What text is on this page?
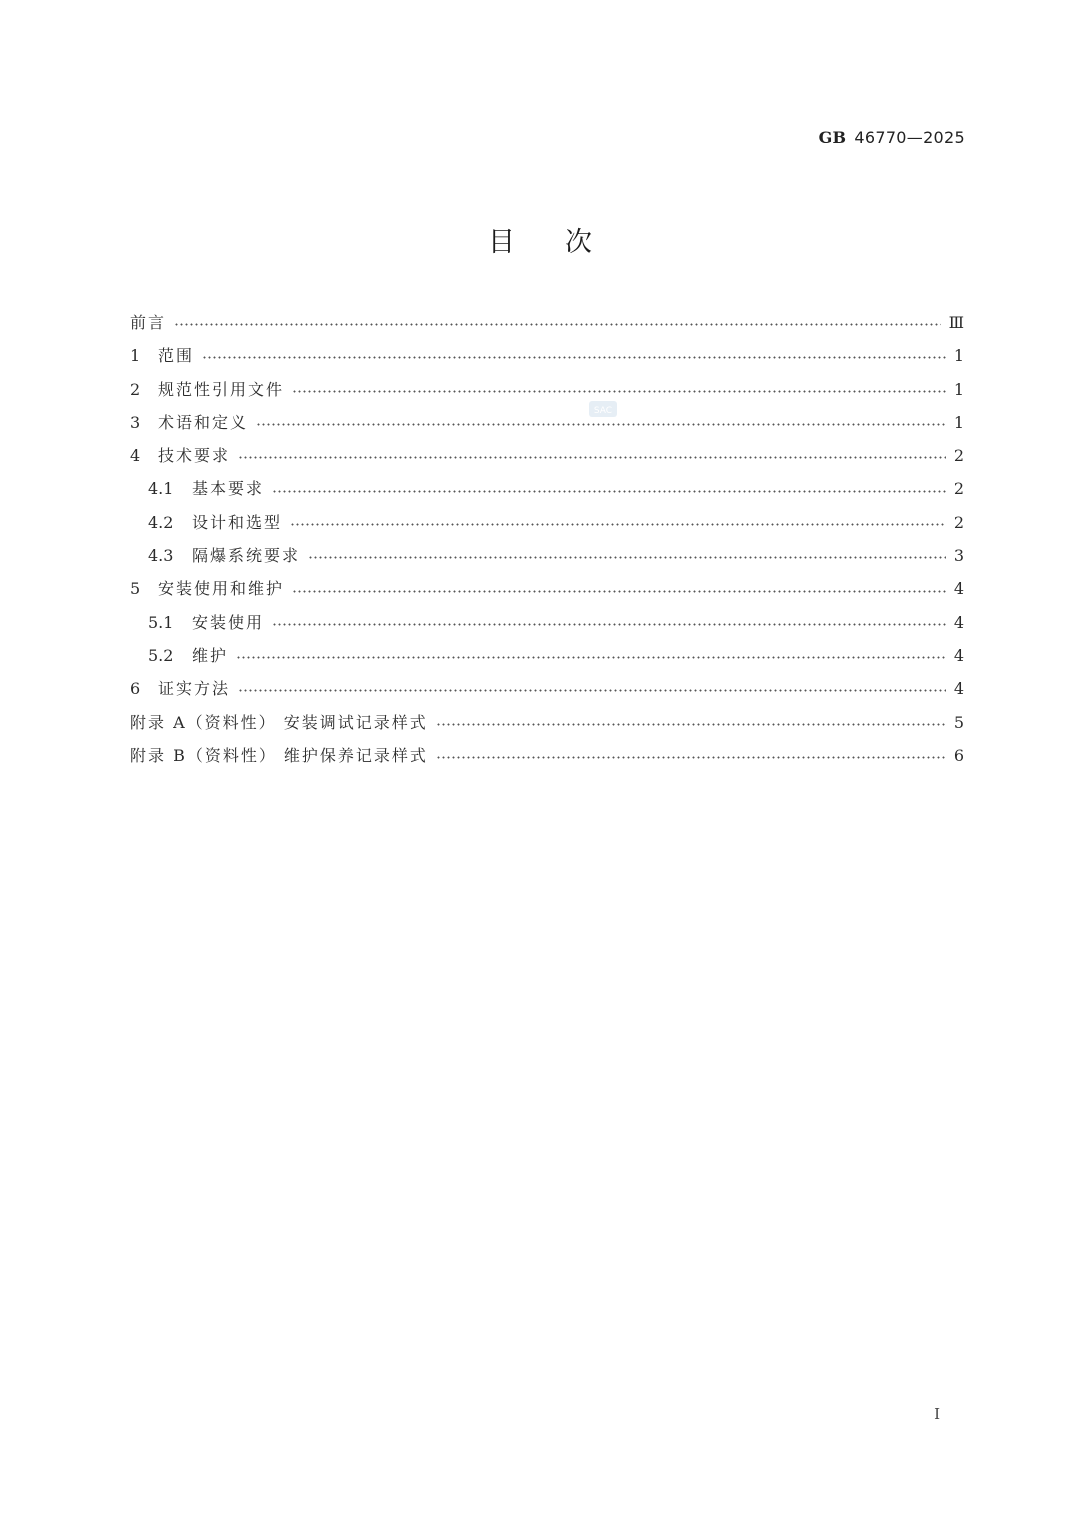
GB 46770—2025
目 次
SAC
前言	Ⅲ
1	范围	1
2	规范性引用文件	1
3	术语和定义	1
4	技术要求	2
4.1	基本要求	2
4.2	设计和选型	2
4.3	隔爆系统要求	3
5	安装使用和维护	4
5.1	安装使用	4
5.2	维护	4
6	证实方法	4
附录 A（资料性） 安装调试记录样式	5
附录 B（资料性） 维护保养记录样式	6
Ⅰ
